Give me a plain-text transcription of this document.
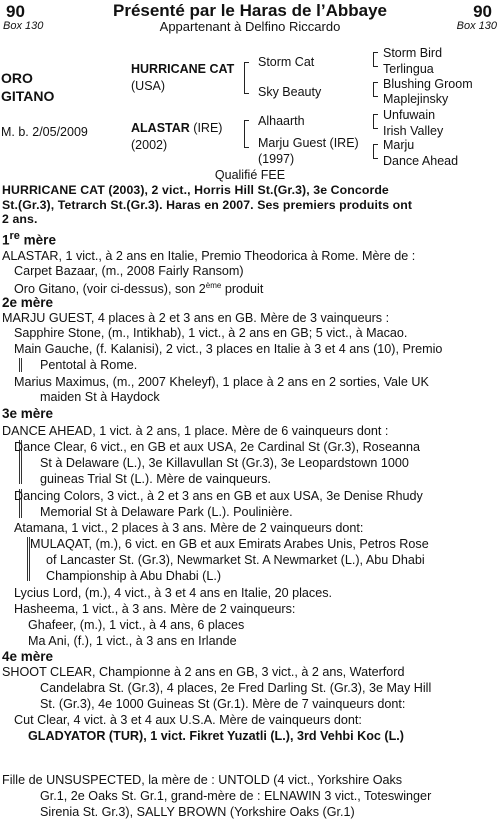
90	90
Box 130	Box 130
Présenté par le Haras de l’Abbaye
Appartenant à Delfino Riccardo
ORO
GITANO
M. b. 2/05/2009
HURRICANE CAT
(USA)
Storm Cat
Sky Beauty
Storm Bird
Terlingua
Blushing Groom
Maplejinsky
ALASTAR (IRE)
(2002)
Alhaarth
Marju Guest (IRE)
(1997)
Unfuwain
Irish Valley
Marju
Dance Ahead
Qualifié FEE
HURRICANE CAT (2003), 2 vict., Horris Hill St.(Gr.3), 3e Concorde
St.(Gr.3), Tetrarch St.(Gr.3). Haras en 2007. Ses premiers produits ont
2 ans.
1re mère
ALASTAR, 1 vict., à 2 ans en Italie, Premio Theodorica à Rome. Mère de :
Carpet Bazaar, (m., 2008 Fairly Ransom)
Oro Gitano, (voir ci-dessus), son 2ème produit
2e mère
MARJU GUEST, 4 places à 2 et 3 ans en GB. Mère de 3 vainqueurs :
Sapphire Stone, (m., Intikhab), 1 vict., à 2 ans en GB; 5 vict., à Macao.
Main Gauche, (f. Kalanisi), 2 vict., 3 places en Italie à 3 et 4 ans (10), Premio
Pentotal à Rome.
Marius Maximus, (m., 2007 Kheleyf), 1 place à 2 ans en 2 sorties, Vale UK
maiden St à Haydock
3e mère
DANCE AHEAD, 1 vict. à 2 ans, 1 place. Mère de 6 vainqueurs dont :
Dance Clear, 6 vict., en GB et aux USA, 2e Cardinal St (Gr.3), Roseanna
St à Delaware (L.), 3e Killavullan St (Gr.3), 3e Leopardstown 1000
guineas Trial St (L.). Mère de vainqueurs.
Dancing Colors, 3 vict., à 2 et 3 ans en GB et aux USA, 3e Denise Rhudy
Memorial St à Delaware Park (L.). Poulinière.
Atamana, 1 vict., 2 places à 3 ans. Mère de 2 vainqueurs dont:
MULAQAT, (m.), 6 vict. en GB et aux Emirats Arabes Unis, Petros Rose
of Lancaster St. (Gr.3), Newmarket St. A Newmarket (L.), Abu Dhabi
Championship à Abu Dhabi (L.)
Lycius Lord, (m.), 4 vict., à 3 et 4 ans en Italie, 20 places.
Hasheema, 1 vict., à 3 ans. Mère de 2 vainqueurs:
Ghafeer, (m.), 1 vict., à 4 ans, 6 places
Ma Ani, (f.), 1 vict., à 3 ans en Irlande
4e mère
SHOOT CLEAR, Championne à 2 ans en GB, 3 vict., à 2 ans, Waterford
Candelabra St. (Gr.3), 4 places, 2e Fred Darling St. (Gr.3), 3e May Hill
St. (Gr.3), 4e 1000 Guineas St (Gr.1). Mère de 7 vainqueurs dont:
Cut Clear, 4 vict. à 3 et 4 aux U.S.A. Mère de vainqueurs dont:
GLADYATOR (TUR), 1 vict. Fikret Yuzatli (L.), 3rd Vehbi Koc (L.)
Fille de UNSUSPECTED, la mère de : UNTOLD (4 vict., Yorkshire Oaks
Gr.1, 2e Oaks St. Gr.1, grand-mère de : ELNAWIN 3 vict., Toteswinger
Sirenia St. Gr.3), SALLY BROWN (Yorkshire Oaks (Gr.1)
